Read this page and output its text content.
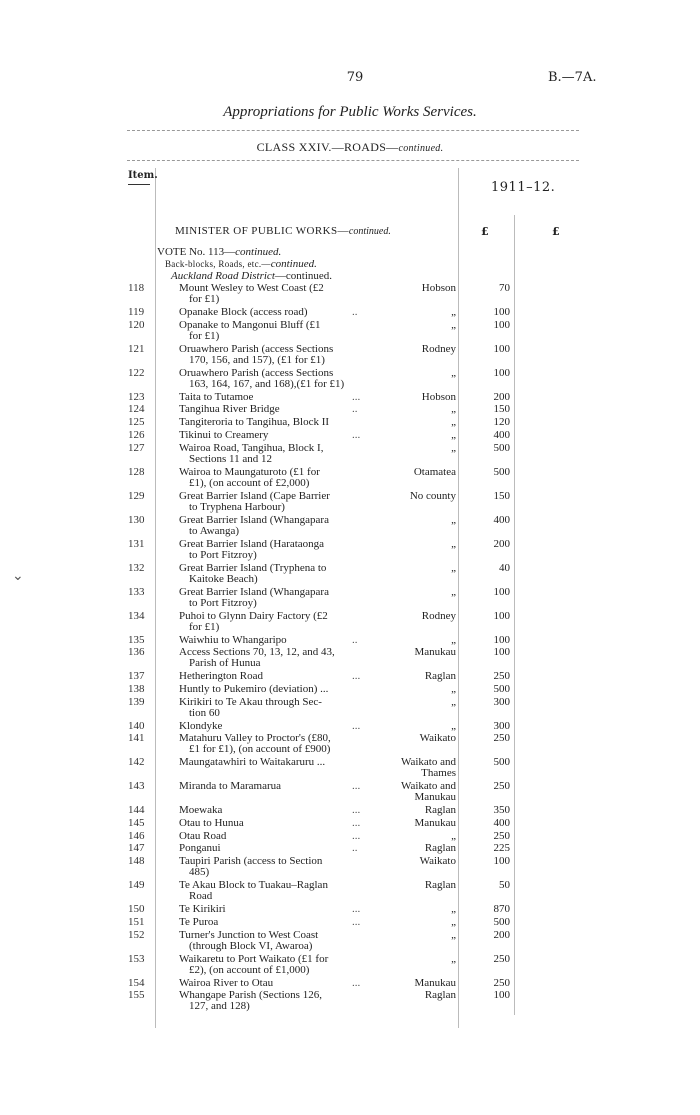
79	B.—7A.
Appropriations for Public Works Services.
CLASS XXIV.—ROADS—continued.
Item.
1911–12.
MINISTER OF PUBLIC WORKS—continued.	£	£
VOTE No. 113—continued.
Back-blocks, Roads, etc.—continued.
Auckland Road District—continued.
118	Mount Wesley to West Coast (£2
for £1)
Hobson	70
119	Opanake Block (access road)	..	„	100
120	Opanake to Mangonui Bluff (£1
for £1)
„	100
121	Oruawhero Parish (access Sections
170, 156, and 157), (£1 for £1)
Rodney	100
122	Oruawhero Parish (access Sections
163, 164, 167, and 168),(£1 for £1)
„	100
123	Taita to Tutamoe	...	Hobson	200
124	Tangihua River Bridge	..	„	150
125	Tangiteroria to Tangihua, Block II	„	120
126	Tikinui to Creamery	...	„	400
127	Wairoa Road, Tangihua, Block I,
Sections 11 and 12
„	500
128	Wairoa to Maungaturoto (£1 for
£1), (on account of £2,000)
Otamatea	500
129	Great Barrier Island (Cape Barrier
to Tryphena Harbour)
No county	150
130	Great Barrier Island (Whangapara
to Awanga)
„	400
131	Great Barrier Island (Harataonga
to Port Fitzroy)
„	200
132	Great Barrier Island (Tryphena to
Kaitoke Beach)
„	40
133	Great Barrier Island (Whangapara
to Port Fitzroy)
„	100
134	Puhoi to Glynn Dairy Factory (£2
for £1)
Rodney	100
135	Waiwhiu to Whangaripo	..	„	100
136	Access Sections 70, 13, 12, and 43,
Parish of Hunua
Manukau	100
137	Hetherington Road	...	Raglan	250
138	Huntly to Pukemiro (deviation) ...	„	500
139	Kirikiri to Te Akau through Sec-
tion 60
„	300
140	Klondyke	...	„	300
141	Matahuru Valley to Proctor's (£80,
£1 for £1), (on account of £900)
Waikato	250
142	Maungatawhiri to Waitakaruru ...	Waikato and
Thames
500
143	Miranda to Maramarua	...	Waikato and
Manukau
250
144	Moewaka	...	Raglan	350
145	Otau to Hunua	...	Manukau	400
146	Otau Road	...	„	250
147	Ponganui	..	Raglan	225
148	Taupiri Parish (access to Section
485)
Waikato	100
149	Te Akau Block to Tuakau–Raglan
Road
Raglan	50
150	Te Kirikiri	...	„	870
151	Te Puroa	...	„	500
152	Turner's Junction to West Coast
(through Block VI, Awaroa)
„	200
153	Waikaretu to Port Waikato (£1 for
£2), (on account of £1,000)
„	250
154	Wairoa River to Otau	...	Manukau	250
155	Whangape Parish (Sections 126,
127, and 128)
Raglan	100
⌄
